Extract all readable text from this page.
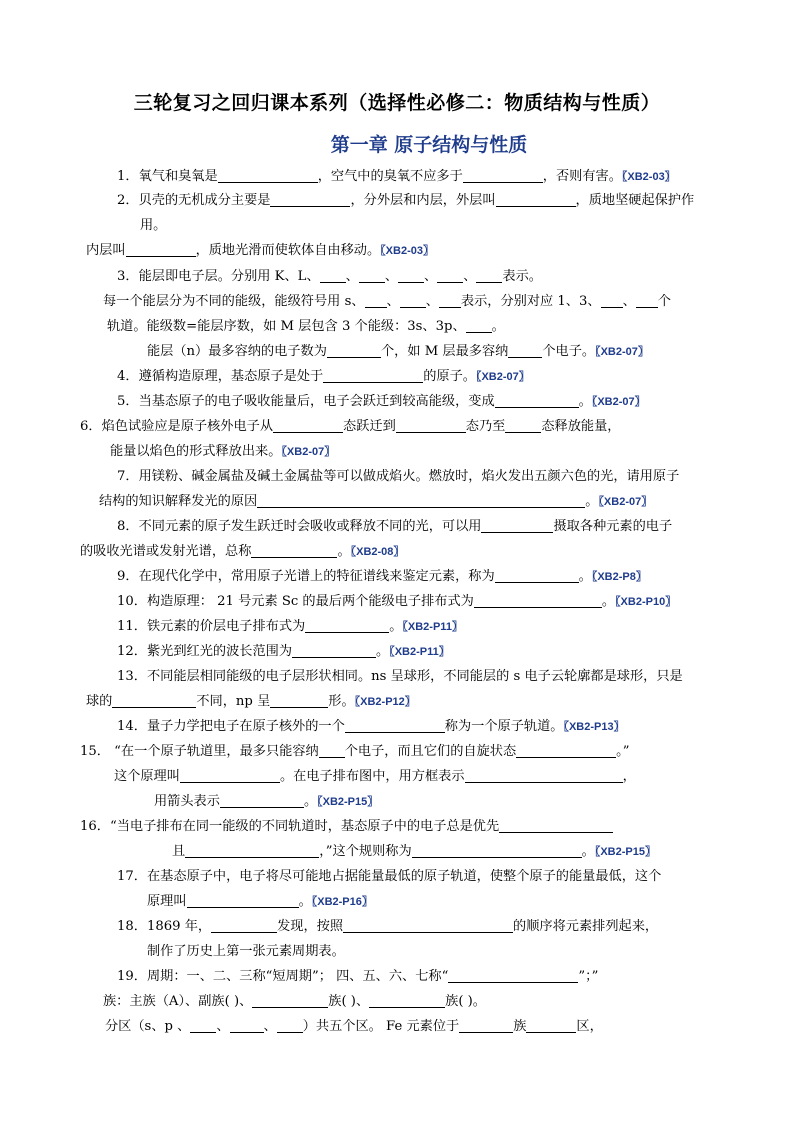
三轮复习之回归课本系列（选择性必修二：物质结构与性质）
第一章 原子结构与性质
1．氧气和臭氧是	，空气中的臭氧不应多于	，否则有害。〖XB2-03〗
2．贝壳的无机成分主要是	，分外层和内层，外层叫	，质地坚硬起保护作
用。
内层叫	，质地光滑而使软体自由移动。〖XB2-03〗
3．能层即电子层。分别用 K、L、 、 、 、 、 表示。
每一个能层分为不同的能级，能级符号用 s、 、 、 表示，分别对应 1、3、 、 个
轨道。能级数=能层序数，如 M 层包含 3 个能级：3s、3p、 。
能层（n）最多容纳的电子数为	个，如 M 层最多容纳	个电子。〖XB2-07〗
4．遵循构造原理，基态原子是处于	的原子。〖XB2-07〗
5．当基态原子的电子吸收能量后，电子会跃迁到较高能级，变成	。〖XB2-07〗
6．焰色试验应是原子核外电子从	态跃迁到	态乃至	态释放能量，
能量以焰色的形式释放出来。〖XB2-07〗
7．用镁粉、碱金属盐及碱土金属盐等可以做成焰火。燃放时，焰火发出五颜六色的光，请用原子
结构的知识解释发光的原因	。〖XB2-07〗
8．不同元素的原子发生跃迁时会吸收或释放不同的光，可以用	摄取各种元素的电子
的吸收光谱或发射光谱，总称	。〖XB2-08〗
9．在现代化学中，常用原子光谱上的特征谱线来鉴定元素，称为	。〖XB2-P8〗
10．构造原理： 21 号元素 Sc 的最后两个能级电子排布式为	。〖XB2-P10〗
11．铁元素的价层电子排布式为	。〖XB2-P11〗
12．紫光到红光的波长范围为	。〖XB2-P11〗
13．不同能层相同能级的电子层形状相同。ns 呈球形，不同能层的 s 电子云轮廓都是球形，只是
球的	不同，np 呈	形。〖XB2-P12〗
14．量子力学把电子在原子核外的一个	称为一个原子轨道。〖XB2-P13〗
15． “在一个原子轨道里，最多只能容纳 个电子，而且它们的自旋状态	。”
这个原理叫	。在电子排布图中，用方框表示	，
用箭头表示	。〖XB2-P15〗
16．“当电子排布在同一能级的不同轨道时，基态原子中的电子总是优先
且	，”这个规则称为	。〖XB2-P15〗
17．在基态原子中，电子将尽可能地占据能量最低的原子轨道，使整个原子的能量最低，这个
原理叫	。〖XB2-P16〗
18．1869 年，	发现，按照	的顺序将元素排列起来，
制作了历史上第一张元素周期表。
19．周期：一、二、三称“短周期”； 四、五、六、七称“	”；”
族：主族（A）、副族( )、	族( )、	族( )。
分区（s、p 、 、	、 ）共五个区。 Fe 元素位于	族	区，
